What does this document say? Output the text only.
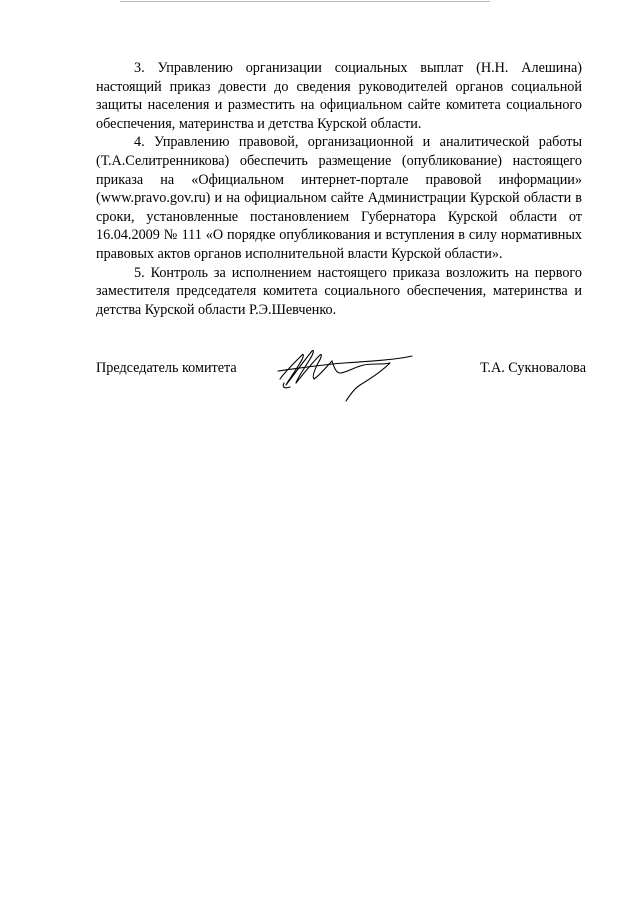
3. Управлению организации социальных выплат (Н.Н. Алешина) настоящий приказ довести до сведения руководителей органов социальной защиты населения и разместить на официальном сайте комитета социального обеспечения, материнства и детства Курской области.

4. Управлению правовой, организационной и аналитической работы (Т.А.Селитренникова) обеспечить размещение (опубликование) настоящего приказа на «Официальном интернет-портале правовой информации» (www.pravo.gov.ru) и на официальном сайте Администрации Курской области в сроки, установленные постановлением Губернатора Курской области от 16.04.2009 № 111 «О порядке опубликования и вступления в силу нормативных правовых актов органов исполнительной власти Курской области».

5. Контроль за исполнением настоящего приказа возложить на первого заместителя председателя комитета социального обеспечения, материнства и детства Курской области Р.Э.Шевченко.

Председатель комитета	Т.А. Сукновалова
